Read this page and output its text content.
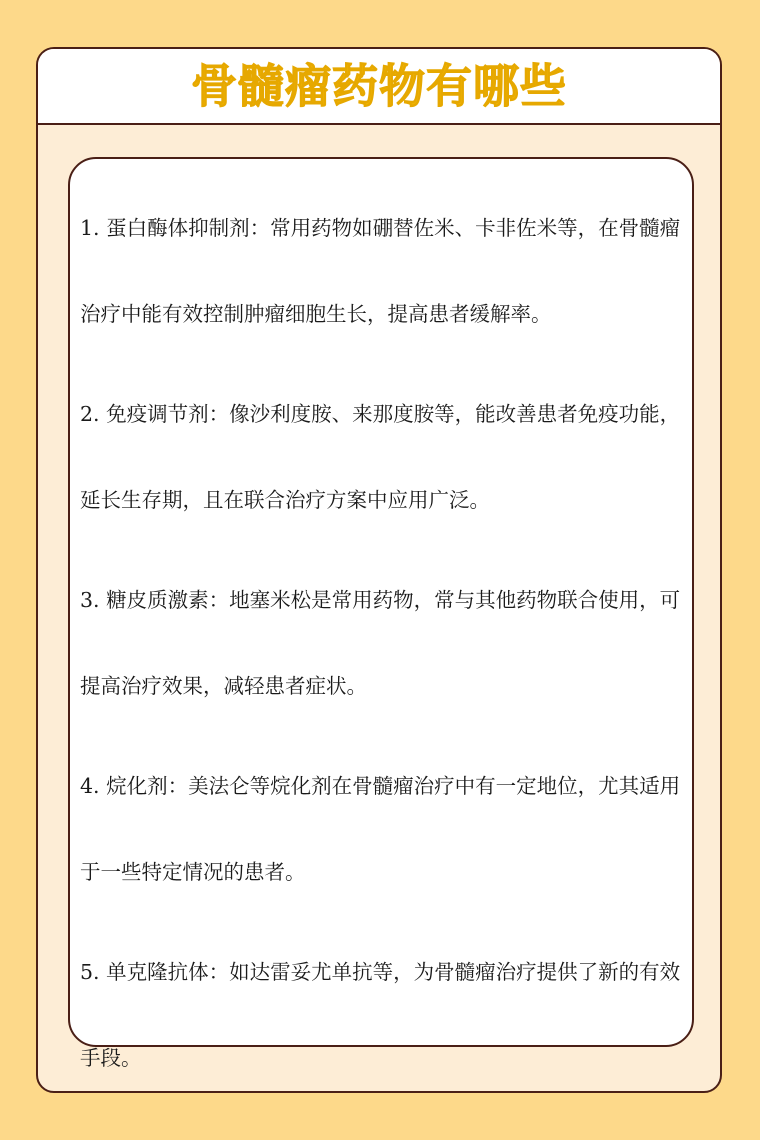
骨髓瘤药物有哪些
1. 蛋白酶体抑制剂：常用药物如硼替佐米、卡非佐米等，在骨髓瘤治疗中能有效控制肿瘤细胞生长，提高患者缓解率。
2. 免疫调节剂：像沙利度胺、来那度胺等，能改善患者免疫功能，延长生存期，且在联合治疗方案中应用广泛。
3. 糖皮质激素：地塞米松是常用药物，常与其他药物联合使用，可提高治疗效果，减轻患者症状。
4. 烷化剂：美法仑等烷化剂在骨髓瘤治疗中有一定地位，尤其适用于一些特定情况的患者。
5. 单克隆抗体：如达雷妥尤单抗等，为骨髓瘤治疗提供了新的有效手段。
